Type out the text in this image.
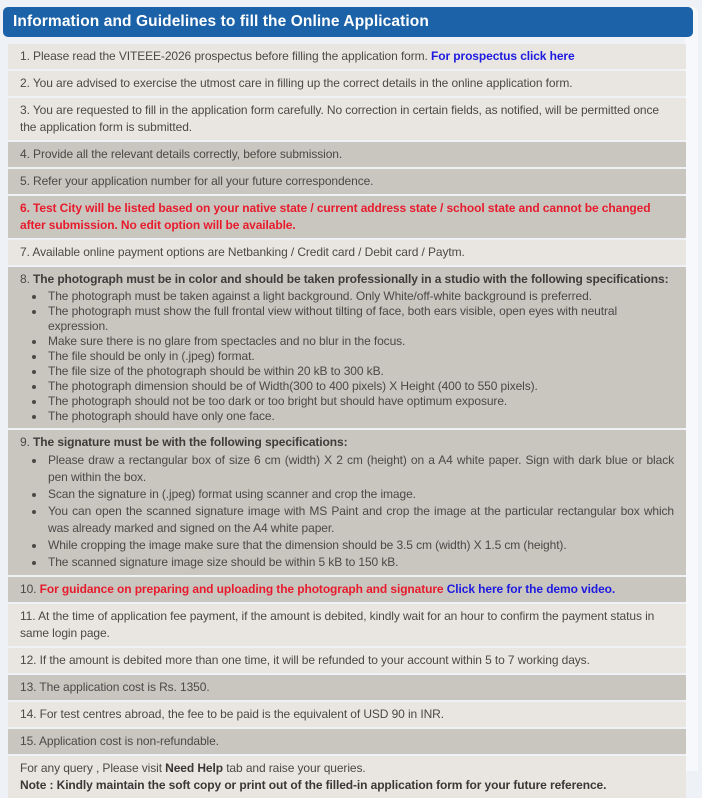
Information and Guidelines to fill the Online Application
1. Please read the VITEEE-2026 prospectus before filling the application form. For prospectus click here
2. You are advised to exercise the utmost care in filling up the correct details in the online application form.
3. You are requested to fill in the application form carefully. No correction in certain fields, as notified, will be permitted once the application form is submitted.
4. Provide all the relevant details correctly, before submission.
5. Refer your application number for all your future correspondence.
6. Test City will be listed based on your native state / current address state / school state and cannot be changed after submission. No edit option will be available.
7. Available online payment options are Netbanking / Credit card / Debit card / Paytm.
8. The photograph must be in color and should be taken professionally in a studio with the following specifications:
• The photograph must be taken against a light background. Only White/off-white background is preferred.
• The photograph must show the full frontal view without tilting of face, both ears visible, open eyes with neutral expression.
• Make sure there is no glare from spectacles and no blur in the focus.
• The file should be only in (.jpeg) format.
• The file size of the photograph should be within 20 kB to 300 kB.
• The photograph dimension should be of Width(300 to 400 pixels) X Height (400 to 550 pixels).
• The photograph should not be too dark or too bright but should have optimum exposure.
• The photograph should have only one face.
9. The signature must be with the following specifications:
• Please draw a rectangular box of size 6 cm (width) X 2 cm (height) on a A4 white paper. Sign with dark blue or black pen within the box.
• Scan the signature in (.jpeg) format using scanner and crop the image.
• You can open the scanned signature image with MS Paint and crop the image at the particular rectangular box which was already marked and signed on the A4 white paper.
• While cropping the image make sure that the dimension should be 3.5 cm (width) X 1.5 cm (height).
• The scanned signature image size should be within 5 kB to 150 kB.
10. For guidance on preparing and uploading the photograph and signature Click here for the demo video.
11. At the time of application fee payment, if the amount is debited, kindly wait for an hour to confirm the payment status in same login page.
12. If the amount is debited more than one time, it will be refunded to your account within 5 to 7 working days.
13. The application cost is Rs. 1350.
14. For test centres abroad, the fee to be paid is the equivalent of USD 90 in INR.
15. Application cost is non-refundable.
For any query , Please visit Need Help tab and raise your queries.
Note : Kindly maintain the soft copy or print out of the filled-in application form for your future reference.
